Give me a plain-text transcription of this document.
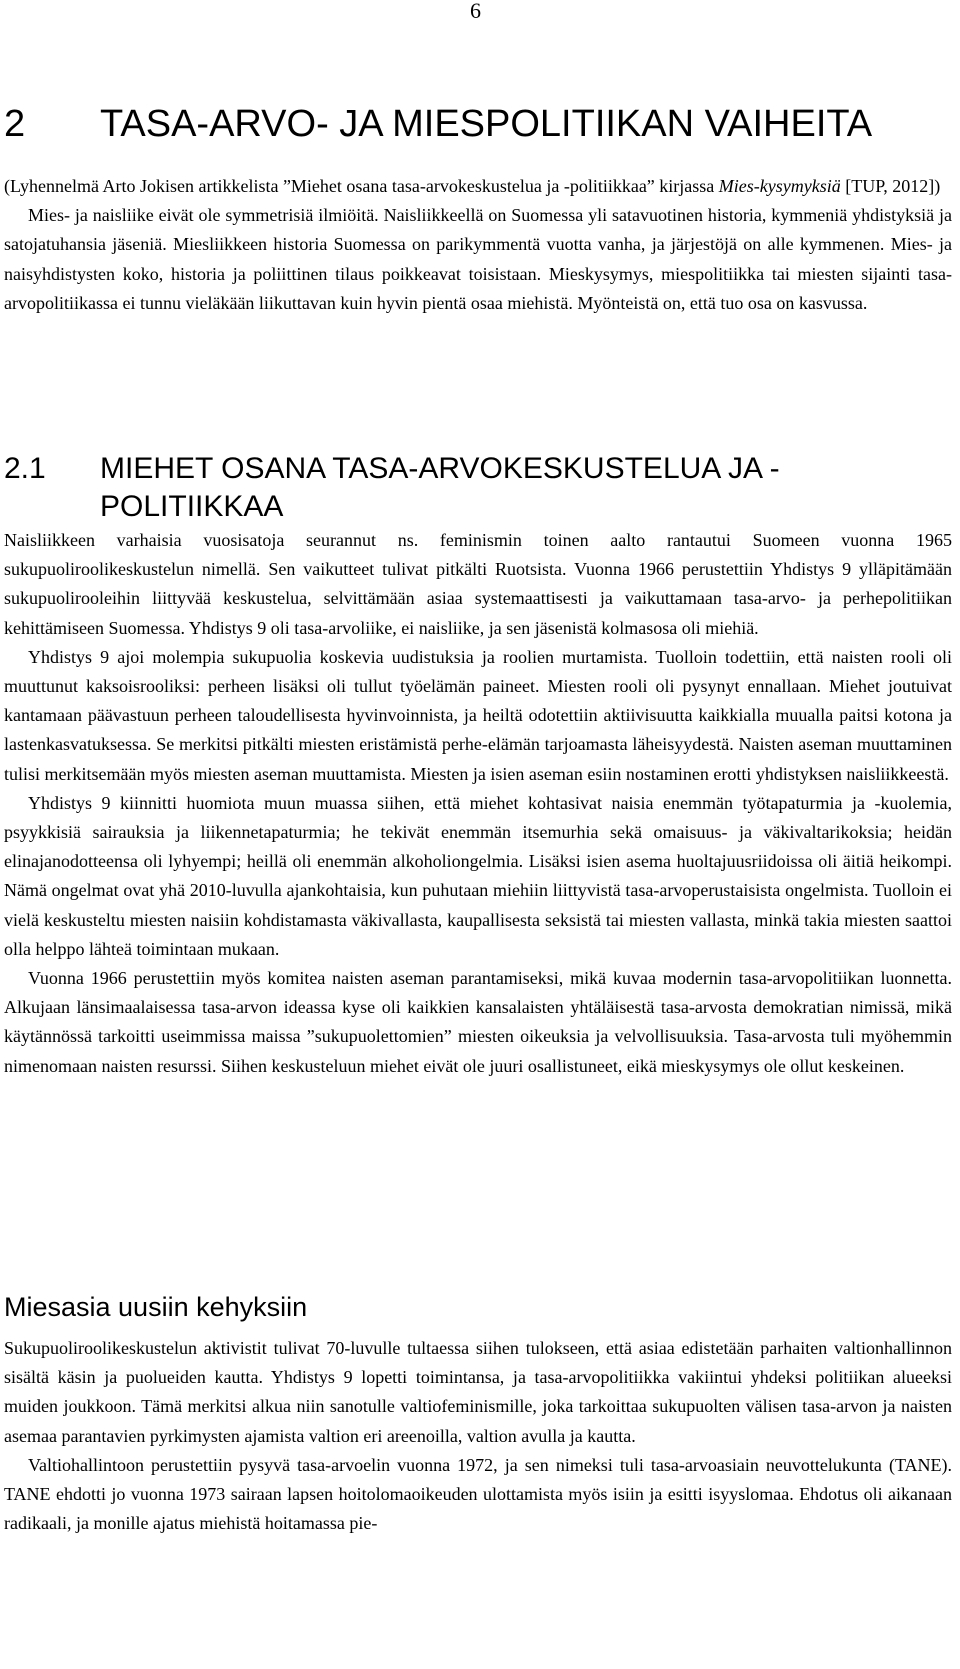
6
2 TASA-ARVO- JA MIESPOLITIIKAN VAIHEITA

(Lyhennelmä Arto Jokisen artikkelista ”Miehet osana tasa-arvokeskustelua ja -politiikkaa” kirjassa Mies-kysymyksiä [TUP, 2012])

Mies- ja naisliike eivät ole symmetrisiä ilmiöitä. Naisliikkeellä on Suomessa yli satavuotinen historia, kymmeniä yhdistyksiä ja satojatuhansia jäseniä. Miesliikkeen historia Suomessa on parikymmentä vuotta vanha, ja järjestöjä on alle kymmenen. Mies- ja naisyhdistysten koko, historia ja poliittinen tilaus poikkeavat toisistaan. Mieskysymys, miespolitiikka tai miesten sijainti tasa-arvopolitiikassa ei tunnu vieläkään liikuttavan kuin hyvin pientä osaa miehistä. Myönteistä on, että tuo osa on kasvussa.

2.1 MIEHET OSANA TASA-ARVOKESKUSTELUA JA -POLITIIKKAA

Naisliikkeen varhaisia vuosisatoja seurannut ns. feminismin toinen aalto rantautui Suomeen vuonna 1965 sukupuoliroolikeskustelun nimellä. Sen vaikutteet tulivat pitkälti Ruotsista. Vuonna 1966 perustettiin Yhdistys 9 ylläpitämään sukupuolirooleihin liittyvää keskustelua, selvittämään asiaa systemaattisesti ja vaikuttamaan tasa-arvo- ja perhepolitiikan kehittämiseen Suomessa. Yhdistys 9 oli tasa-arvoliike, ei naisliike, ja sen jäsenistä kolmasosa oli miehiä.

Yhdistys 9 ajoi molempia sukupuolia koskevia uudistuksia ja roolien murtamista. Tuolloin todettiin, että naisten rooli oli muuttunut kaksoisrooliksi: perheen lisäksi oli tullut työelämän paineet. Miesten rooli oli pysynyt ennallaan. Miehet joutuivat kantamaan päävastuun perheen taloudellisesta hyvinvoinnista, ja heiltä odotettiin aktiivisuutta kaikkialla muualla paitsi kotona ja lastenkasvatuksessa. Se merkitsi pitkälti miesten eristämistä perhe-elämän tarjoamasta läheisyydestä. Naisten aseman muuttaminen tulisi merkitsemään myös miesten aseman muuttamista. Miesten ja isien aseman esiin nostaminen erotti yhdistyksen naisliikkeestä.

Yhdistys 9 kiinnitti huomiota muun muassa siihen, että miehet kohtasivat naisia enemmän työtapaturmia ja -kuolemia, psyykkisiä sairauksia ja liikennetapaturmia; he tekivät enemmän itsemurhia sekä omaisuus- ja väkivaltarikoksia; heidän elinajanodotteensa oli lyhyempi; heillä oli enemmän alkoholiongelmia. Lisäksi isien asema huoltajuusriidoissa oli äitiä heikompi. Nämä ongelmat ovat yhä 2010-luvulla ajankohtaisia, kun puhutaan miehiin liittyvistä tasa-arvoperustaisista ongelmista. Tuolloin ei vielä keskusteltu miesten naisiin kohdistamasta väkivallasta, kaupallisesta seksistä tai miesten vallasta, minkä takia miesten saattoi olla helppo lähteä toimintaan mukaan.

Vuonna 1966 perustettiin myös komitea naisten aseman parantamiseksi, mikä kuvaa modernin tasa-arvopolitiikan luonnetta. Alkujaan länsimaalaisessa tasa-arvon ideassa kyse oli kaikkien kansalaisten yhtäläisestä tasa-arvosta demokratian nimissä, mikä käytännössä tarkoitti useimmissa maissa ”sukupuolettomien” miesten oikeuksia ja velvollisuuksia. Tasa-arvosta tuli myöhemmin nimenomaan naisten resurssi. Siihen keskusteluun miehet eivät ole juuri osallistuneet, eikä mieskysymys ole ollut keskeinen.

Miesasia uusiin kehyksiin

Sukupuoliroolikeskustelun aktivistit tulivat 70-luvulle tultaessa siihen tulokseen, että asiaa edistetään parhaiten valtionhallinnon sisältä käsin ja puolueiden kautta. Yhdistys 9 lopetti toimintansa, ja tasa-arvopolitiikka vakiintui yhdeksi politiikan alueeksi muiden joukkoon. Tämä merkitsi alkua niin sanotulle valtiofeminismille, joka tarkoittaa sukupuolten välisen tasa-arvon ja naisten asemaa parantavien pyrkimysten ajamista valtion eri areenoilla, valtion avulla ja kautta.

Valtiohallintoon perustettiin pysyvä tasa-arvoelin vuonna 1972, ja sen nimeksi tuli tasa-arvoasiain neuvottelukunta (TANE). TANE ehdotti jo vuonna 1973 sairaan lapsen hoitolomaoikeuden ulottamista myös isiin ja esitti isyyslomaa. Ehdotus oli aikanaan radikaali, ja monille ajatus miehistä hoitamassa pie-
